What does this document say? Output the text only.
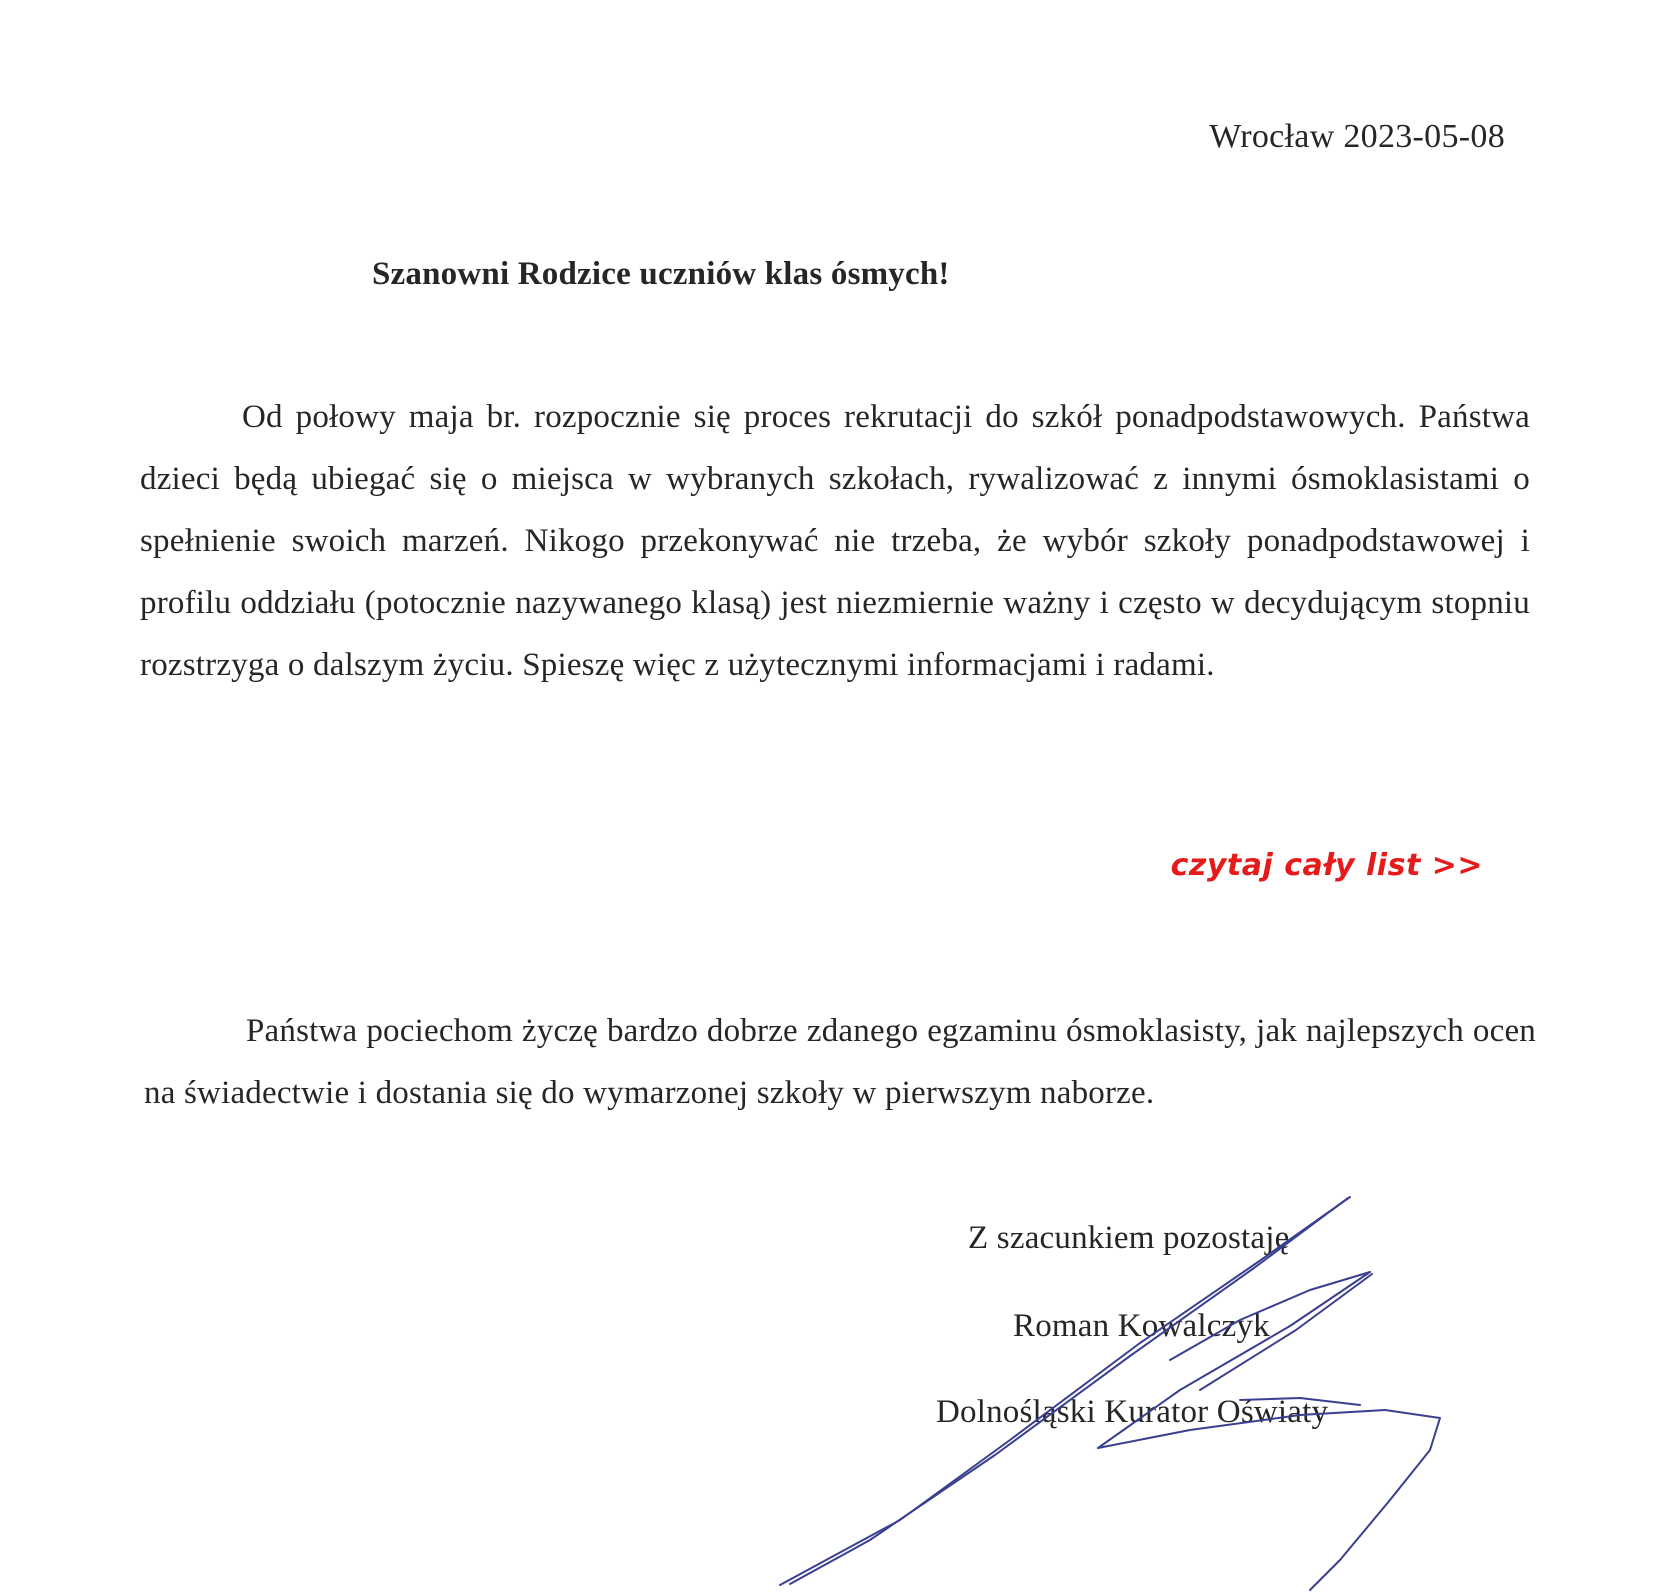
Wrocław 2023-05-08
Szanowni Rodzice uczniów klas ósmych!

Od połowy maja br. rozpocznie się proces rekrutacji do szkół ponadpodstawowych. Państwa dzieci będą ubiegać się o miejsca w wybranych szkołach, rywalizować z innymi ósmoklasistami o spełnienie swoich marzeń. Nikogo przekonywać nie trzeba, że wybór szkoły ponadpodstawowej i profilu oddziału (potocznie nazywanego klasą) jest niezmiernie ważny i często w decydującym stopniu rozstrzyga o dalszym życiu. Spieszę więc z użytecznymi informacjami i radami.

czytaj cały list >>

Państwa pociechom życzę bardzo dobrze zdanego egzaminu ósmoklasisty, jak najlepszych ocen na świadectwie i dostania się do wymarzonej szkoły w pierwszym naborze.

Z szacunkiem pozostaję
Roman Kowalczyk
Dolnośląski Kurator Oświaty
